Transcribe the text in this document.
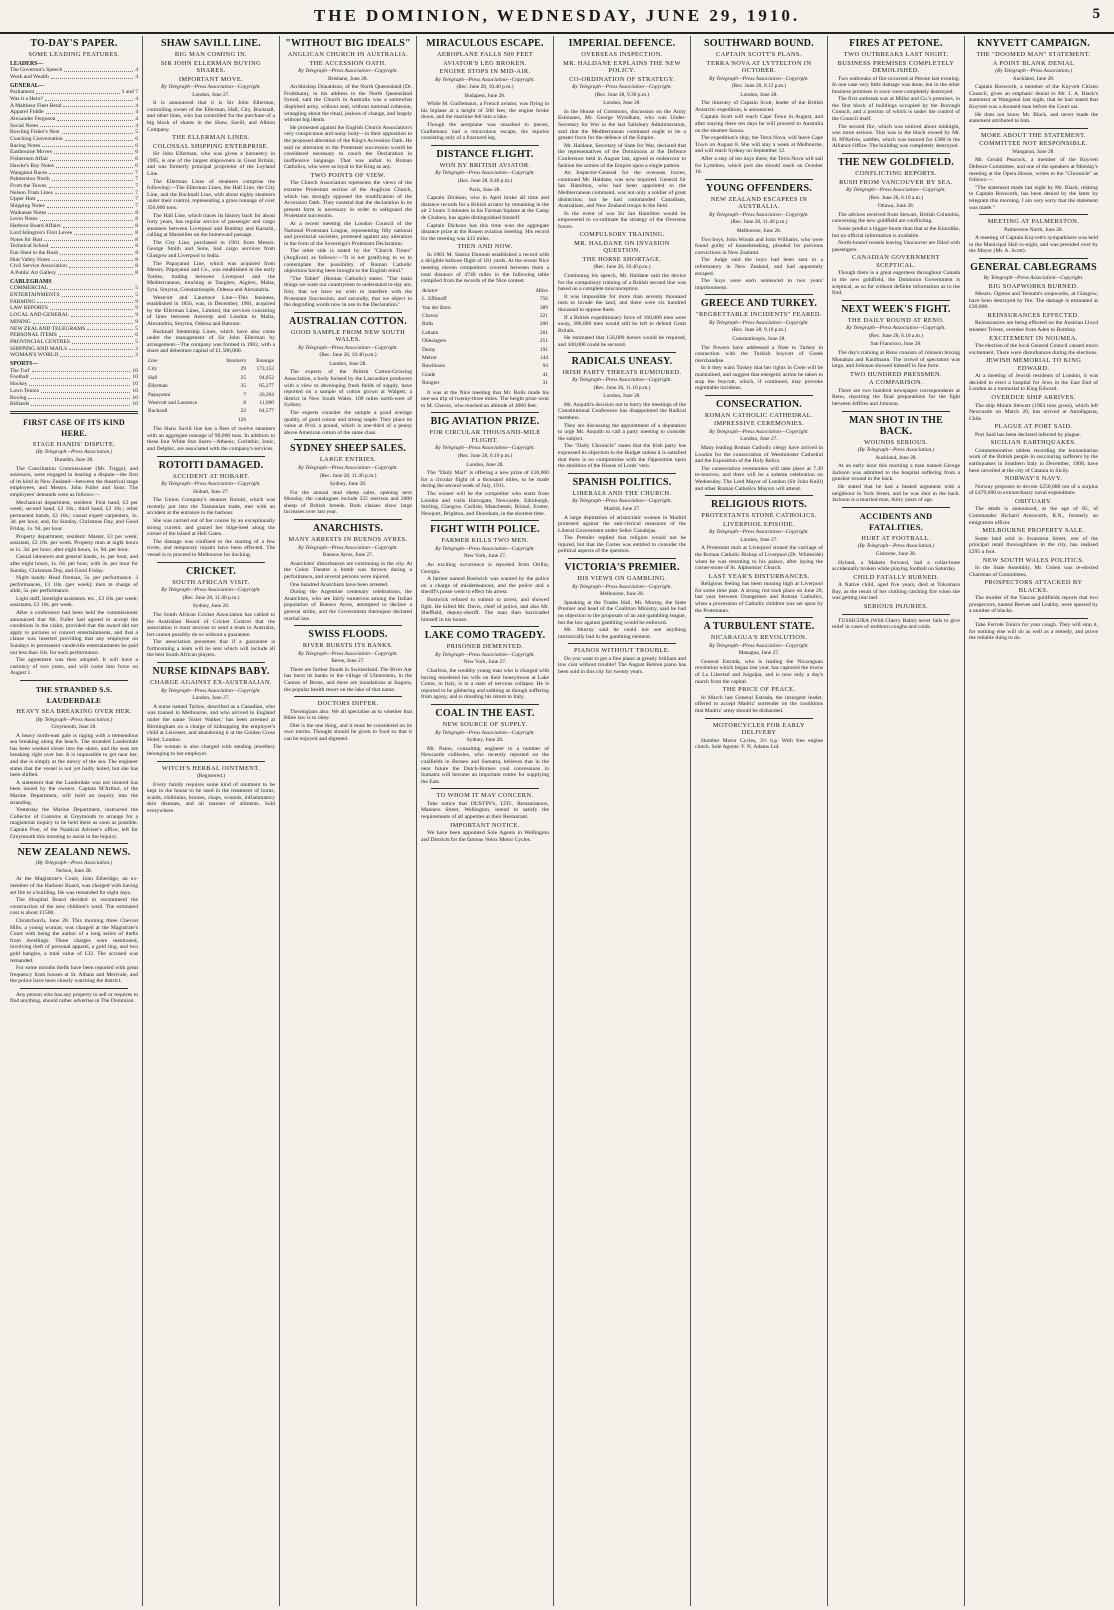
THE DOMINION, WEDNESDAY, JUNE 29, 1910.	5
TO-DAY'S PAPER.
SOME LEADING FEATURES.
LEADERS—
The Governor's Speech	4
Work and Wealth	4
GENERAL—
Parliament	3 and 7
Was it a Hero?	4
A Maltheur Fleet Bend	4
Apparel Fiddle	4
Alexander Ferguson	4
Social Notes	4
Bowling Fisher's Nest	5
Coaching Conversation	6
Racing Notes	6
Eastbourne Moves	6
Fishermen Affair	6
Hawke's Bay Notes	6
Wanganui Races	7
Palmerston North	7
From the Towns	7
Nelson Tram Lines	7
Upper Hutt	7
Shipping Notes	7
Waikanae Notes	8
Levin Notes	8
Harbour Board Affairs	8
Lord Islington's First Levee	8
Notes for Hutt	8
Technical School	8
Fun Shed in the Bush	8
Hutt Valley Notes	8
Civil Service Association	8
A Public Art Gallery	8
CABLEGRAMS
COMMERCIAL	5
ENTERTAINMENTS	5
FARMING	9
LAW REPORTS	9
LOCAL AND GENERAL	9
MINING	9
NEW ZEALAND TELEGRAMS	5
PERSONAL ITEMS	6
PROVINCIAL CENTRES	5
SHIPPING AND MAILS	2
WOMAN'S WORLD	2
SPORTS—
The Turf	10
Football	10
Hockey	10
Lawn Tennis	10
Boxing	10
Billiards	10
FIRST CASE OF ITS KIND HERE.
STAGE HANDS' DISPUTE.
(By Telegraph—Press Association.)
Dunedin, June 28.
The Conciliation Commissioner (Mr. Triggs), and assessors, were engaged in hearing a dispute—the first of its kind in New Zealand—between the theatrical stage employees, and Messrs. John Fuller and Sons. The employees' demands were as follows:—
Mechanical department, resident: First hand, £3 per week; second hand, £2 10s.; third hand, £2 10s.; other permanent hands, £2 10s.; casual expert carpenters, 1s. 3d. per hour, and, for Sunday, Christmas Day, and Good Friday, 1s. 9d. per hour.
Property department, resident: Master, £3 per week; assistant, £2 10s. per week. Property man at night hours at 1s. 3d. per hour; after eight hours, 1s. 9d. per hour.
Casual labourers and general hands, 1s. per hour, and after eight hours, 1s. 6d. per hour, with 3s. per hour for Sunday, Christmas Day, and Good Friday.
Night hands: Head fireman, 5s. per performance. 3 performances, £1 10s. (per week); men in charge of slide, 5s. per performance.
Light staff, limelight assistants, etc., £3 10s. per week; assistants, £2 10s. per week.
After a conference had been held the commissioner announced that Mr. Fuller had agreed to accept the conditions in the claim, provided that the award did not apply to pictures or concert entertainments, and that a clause was inserted providing that any employee on Sundays in permanent vaudeville entertainments be paid not less than 10s. for each performance.
The agreement was then adopted. It will have a currency of two years, and will come into force on August 1.
THE STRANDED S.S. LAUDERDALE
HEAVY SEA BREAKING OVER HER.
(By Telegraph—Press Association.)
Greymouth, June 28.
A heavy north-east gale is raging with a tremendous sea breaking along the beach. The stranded Lauderdale has been washed closer into the shore, and the seas are breaking right over her. It is impossible to get near her, and she is simply at the mercy of the sea. The engineer states that the vessel is not yet badly holed, but she has been shifted.
A statement that the Lauderdale was not insured has been issued by the owners. Captain M'Arthur, of the Marine Department, will hold an inquiry into the stranding.
Yesterday the Marine Department, instructed the Collector of Customs at Greymouth to arrange for a magisterial inquiry to be held there as soon as possible. Captain Post, of the Nautical Adviser's office, left for Greymouth this morning to assist in the inquiry.
NEW ZEALAND NEWS.
(By Telegraph—Press Association.)
Nelson, June 28.
At the Magistrate's Court, John Etheridge, an ex-member of the Harbour Board, was charged with having set fire to a building. He was remanded for eight days.
The Hospital Board decided to recommend the construction of the new children's ward. The estimated cost is about £1500.
Christchurch, June 28. This morning three Cheviot Hills, a young woman, was charged at the Magistrate's Court with being the author of a long series of thefts from dwellings. Three charges were mentioned, involving theft of personal apparel, a gold ring, and two gold bangles, a total value of £32. The accused was remanded.
For some months thefts have been reported with great frequency from houses at St. Albans and Merivale, and the police have been closely watching the district.
Any person who has any property to sell or requires to find anything, should rather advertise in The Dominion.
SHAW SAVILL LINE.
BIG MAN COMING IN.
SIR JOHN ELLERMAN BUYING SHARES.
IMPORTANT MOVE.
By Telegraph—Press Association—Copyright.
London, June 27.
It is announced that it is Sir John Ellerman, controlling owner of the Ellerman, Hall, City, Bucknall, and other lines, who has controlled for the purchase of a big block of shares in the Shaw, Savill, and Albion Company.
THE ELLERMAN LINES.
COLOSSAL SHIPPING ENTERPRISE.
Sir John Ellerman, who was given a baronetcy in 1905, is one of the largest shipowners in Great Britain, and was formerly principal proprietor of the Leyland Line.
The Ellerman Lines of steamers comprise the following:—The Ellerman Lines, the Hall Line, the City Line, and the Bucknall Line, with about eighty steamers under their control, representing a gross tonnage of over 350,000 tons.
The Hall Line, which traces its history back for about forty years, has regular service of passenger and cargo steamers between Liverpool and Bombay and Karachi, calling at Marseilles on the homeward passage.
The City Line, purchased in 1901 from Messrs. George Smith and Sons, had cargo services from Glasgow and Liverpool to India.
The Papayanni Line, which was acquired from Messrs. Papayanni and Co., was established in the early 'forties, trading between Liverpool and the Mediterranean, touching at Tangiers, Algiers, Malta, Syra, Smyrna, Constantinople, Odessa and Alexandria.
Westcott and Laurence Line—This business, established in 1856, was, in December, 1901, acquired by the Ellerman Lines, Limited, the services consisting of lines between Antwerp and London to Malta, Alexandria, Smyrna, Odessa and Batoum.
Bucknall Steamship Lines, which have also come under the management of Sir John Ellerman by arrangement—The company was formed in 1902, with a share and debenture capital of £1,586,000.
Line	Steamers	Tonnage
City	29	173,153
Hall	25	94,852
Ellerman	35	85,277
Papayanni	7	20,204
Westcott and Laurence	8	11,000
Bucknall	22	64,577
	126	
The Shaw Savill line has a fleet of twelve steamers with an aggregate tonnage of 90,000 tons. In addition to these four White Star liners—Athenic, Corinthic, Ionic, and Delphic, are associated with the company's services.
ROTOITI DAMAGED.
ACCIDENT AT HOBART.
By Telegraph—Press Association—Copyright.
Hobart, June 27.
The Union Company's steamer Rotoiti, which was recently put into the Tasmanian trade, met with an accident at the entrance to the harbour.
She was carried out of her course by an exceptionally strong current, and grazed her bilge-keel along the corner of the island at Hell Gates.
The damage was confined to the starting of a few rivets, and temporary repairs have been effected. The vessel is to proceed to Melbourne for docking.
CRICKET.
SOUTH AFRICAN VISIT.
By Telegraph—Press Association—Copyright.
(Rec. June 28, 11.40 p.m.)
Sydney, June 28.
The South African Cricket Association has cabled to the Australian Board of Cricket Control that the association is most anxious to send a team to Australia, but cannot possibly do so without a guarantee.
The association presumes that if a guarantee is forthcoming a team will be sent which will include all the best South African players.
NURSE KIDNAPS BABY.
CHARGE AGAINST EX-AUSTRALIAN.
By Telegraph—Press Association—Copyright.
London, June 27.
A nurse named Tarlow, described as a Canadian, who was trained in Melbourne, and who arrived in England under the name 'Sister Walker,' has been arrested at Birmingham on a charge of kidnapping the employer's child at Leicester, and abandoning it at the Golden Cross Hotel, London.
The woman is also charged with stealing jewellery belonging to her employer.
WITCH'S HERBAL OINTMENT.
(Registered.)
Every family requires some kind of ointment to be kept in the house to be used in the treatment of burns, scalds, chilblains, bruises, chaps, wounds, inflammatory skin diseases, and all manner of ailments. Sold everywhere.
"WITHOUT BIG IDEALS"
ANGLICAN CHURCH IN AUSTRALIA.
THE ACCESSION OATH.
By Telegraph—Press Association—Copyright.
Brisbane, June 28.
Archbishop Donaldson, of the North Queensland (Dr. Frodsham), in his address to the North Queensland Synod, said the Church in Australia was a somewhat dispirited army, without zeal, without nominal cohesion, wrangling about the ritual, jealous of change, and largely without big ideals.
He protested against the English Church Association's very conspicuous and noisy body—in their opposition to the proposed alteration of the King's Accession Oath. He said no alteration to the Protestant succession would be considered necessary to couch the Declaration in inoffensive language. That was unfair to Roman Catholics, who were as loyal to the King as any.
TWO POINTS OF VIEW.
The Church Association represents the views of the extreme Protestant section of the Anglican Church, which has strongly opposed the modification of the Accession Oath. They contend that the declaration in its present form is necessary in order to safeguard the Protestant succession.
At a recent meeting the London Council of the National Protestant League, representing fifty national and provincial societies, protested against any alteration in the form of the Sovereign's Protestant Declaration.
The other side is stated by the "Church Times" (Anglican) as follows:—"It is not gratifying to us to contemplate the possibility of Roman Catholic objections having been brought to the English mind."
"The Tablet" (Roman Catholic) states: "The main things we want our countrymen to understand to-day are, first, that we have no wish to interfere with the Protestant Succession; and secondly, that we object to the degrading words now in use in the Declaration."
AUSTRALIAN COTTON.
GOOD SAMPLE FROM NEW SOUTH WALES.
By Telegraph—Press Association—Copyright.
(Rec. June 28, 10.40 p.m.)
London, June 28.
The experts of the British Cotton-Growing Association, a body formed by the Lancashire producers with a view to developing fresh fields of supply, have reported on a sample of cotton grown at Walgett, a district in New South Wales, 100 miles north-west of Sydney.
The experts consider the sample a good average quality, of good colour and strong staple. They place its value at 8½d. a pound, which is one-third of a penny above American cotton of the same class.
SYDNEY SHEEP SALES.
LARGE ENTRIES.
By Telegraph—Press Association—Copyright.
(Rec. June 28, 11.40 p.m.)
Sydney, June 28.
For the annual stud sheep sales, opening next Monday, the catalogues include 225 merinos and 2000 sheep of British breeds. Both classes show large increases over last year.
ANARCHISTS.
MANY ARRESTS IN BUENOS AYRES.
By Telegraph—Press Association—Copyright.
Buenos Ayres, June 27.
Anarchists' disturbances are continuing in the city. At the Colon Theatre a bomb was thrown during a performance, and several persons were injured.
One hundred Anarchists have been arrested.
During the Argentine centenary celebrations, the Anarchists, who are fairly numerous among the Italian population of Buenos Ayres, attempted to declare a general strike, and the Government thereupon declared martial law.
SWISS FLOODS.
RIVER BURSTS ITS BANKS.
By Telegraph—Press Association—Copyright.
Berne, June 27.
There are further floods in Switzerland. The River Aar has burst its banks in the village of Ulmerstein, in the Canton of Berne, and there are inundations at Isagora, the popular health resort on the lake of that name.
DOCTORS DIFFER.
Theologians also. We all specialise as to whether that Bible law is to obey.
Diet is the one thing, and it must be considered on its own merits. Thought should be given to food so that it can be enjoyed and digested.
MIRACULOUS ESCAPE.
AEROPLANE FALLS 500 FEET
AVIATOR'S LEG BROKEN.
ENGINE STOPS IN MID-AIR.
By Telegraph—Press Association—Copyright.
(Rec. June 28, 10.40 p.m.)
Budapest, June 28.
While M. Guillemaux, a French aviator, was flying in his biplane at a height of 500 feet, the engine broke down, and the machine fell into a lake.
Though the aeroplane was smashed to pieces, Guillemaux had a miraculous escape, his injuries consisting only of a fractured leg.
DISTANCE FLIGHT.
WON BY BRITISH AVIATOR.
By Telegraph—Press Association—Copyright.
(Rec. June 28, 8.40 p.m.)
Paris, June 28.
Captain Dickson, who in April broke all time and distance records for a British aviator by remaining in the air 2 hours 3 minutes in his Farman biplane at the Camp de Chalons, has again distinguished himself.
Captain Dickson has this time won the aggregate distance prize at the Rouen aviation meeting. His record for the meeting was 433 miles.
THEN AND NOW.
In 1901 M. Santos Dumont established a record with a dirigible balloon flight of 181 yards. At the recent Nice meeting eleven competitors covered between them a total distance of 4740 miles in the following table compiled from the records of the Nice contest.
Aviator	Miles
L. Effimoff	756
Van der Born	389
Chavez	321
Rolls	200
Latham	261
Olieslagers	251
Duray	191
Metrot	144
Rawlinson	94
Grade	41
Rougier	31
It was at the Nice meeting that Mr. Rolls made his one-sea trip of twenty-three miles. The height prize went to M. Chavez, who reached an altitude of 4060 feet.
BIG AVIATION PRIZE.
FOR CIRCULAR THOUSAND-MILE FLIGHT.
By Telegraph—Press Association—Copyright.
(Rec. June 28, 6.10 p.m.)
London, June 28.
The "Daily Mail" is offering a new prize of £10,000 for a circular flight of a thousand miles, to be made during the second week of July, 1911.
The winner will be the competitor who starts from London and visits Harrogate, Newcastle, Edinburgh, Stirling, Glasgow, Carlisle, Manchester, Bristol, Exeter, Newport, Brighton, and Shoreham, in the shortest time.
FIGHT WITH POLICE.
FARMER KILLS TWO MEN.
By Telegraph—Press Association—Copyright.
New York, June 27.
An exciting occurrence is reported from Orillia, Georgia.
A farmer named Bostwick was wanted by the police on a charge of misdemeanour, and the police and a sheriff's posse went to effect his arrest.
Bostwick refused to submit to arrest, and showed fight. He killed Mr. Davis, chief of police, and also Mr. Sheffield, deputy-sheriff. The man then barricaded himself in his house.
LAKE COMO TRAGEDY.
PRISONER DEMENTED.
By Telegraph—Press Association—Copyright.
New York, June 27.
Charlton, the wealthy young man who is charged with having murdered his wife on their honeymoon at Lake Como, in Italy, is in a state of nervous collapse. He is reported to be gibbering and sobbing as though suffering from agony, and is dreading his return to Italy.
COAL IN THE EAST.
NEW SOURCE OF SUPPLY.
By Telegraph—Press Association—Copyright.
Sydney, June 28.
Mr. Paton, consulting engineer to a number of Newcastle collieries, who recently reported on the coalfields in Borneo and Sumatra, believes that in the near future the Dutch-Borneo coal concessions in Sumatra will become an important centre for supplying the East.
TO WHOM IT MAY CONCERN.
Take notice that DUSTIN'S, LTD., Restaurateurs, Manners Street, Wellington, intend to satisfy the requirements of all appetites at their Restaurant.
IMPORTANT NOTICE.
We have been appointed Sole Agents in Wellington and Districts for the famous Velox Motor Cycles.
IMPERIAL DEFENCE.
OVERSEAS INSPECTION.
MR. HALDANE EXPLAINS THE NEW POLICY.
CO-ORDINATION OF STRATEGY.
By Telegraph—Press Association—Copyright.
(Rec. June 28, 9.30 p.m.)
London, June 28.
In the House of Commons, discussion on the Army Estimates, Mr. George Wyndham, who was Under-Secretary for War in the last Salisbury Administration, said that the Mediterranean command ought to be a greater force for the defence of the Empire.
Mr. Haldane, Secretary of State for War, declared that the representatives of the Dominions at the Defence Conference held in August last, agreed to endeavour to fashion the armies of the Empire upon a single pattern.
An Inspector-General for the overseas forces, continued Mr. Haldane, was now required. General Sir Ian Hamilton, who had been appointed to the Mediterranean command, was not only a soldier of great distinction, but he had commanded Canadians, Australians, and New Zealand troops in the field.
In the event of war Sir Ian Hamilton would be empowered to co-ordinate the strategy of the Overseas forces.
COMPULSORY TRAINING.
MR. HALDANE ON INVASION QUESTION.
THE HORSE SHORTAGE.
(Rec. June 28, 10.40 p.m.)
Continuing his speech, Mr. Haldane said the device for the compulsory training of a British second line was based on a complete misconception.
It was impossible for more than seventy thousand men to invade the land, and there were six hundred thousand to oppose them.
If a British expeditionary force of 160,000 men were away, 300,000 men would still be left to defend Great Britain.
He estimated that 156,000 horses would be required, and 100,000 could be secured.
RADICALS UNEASY.
IRISH PARTY THREATS RUMOURED.
By Telegraph—Press Association—Copyright.
(Rec. June 28, 11.10 p.m.)
London, June 28.
Mr. Asquith's decision not to hurry the meetings of the Constitutional Conference has disappointed the Radical members.
They are discussing the appointment of a deputation to urge Mr. Asquith to call a party meeting to consider the subject.
The "Daily Chronicle" states that the Irish party has expressed its objection to the Budget unless it is satisfied that there is no compromise with the Opposition upon the abolition of the House of Lords' veto.
SPANISH POLITICS.
LIBERALS AND THE CHURCH.
By Telegraph—Press Association—Copyright.
Madrid, June 27.
A large deputation of aristocratic women in Madrid protested against the anti-clerical measures of the Liberal Government under Señor Canalejas.
The Premier replied that religion would not be injured, but that the Cortes was entitled to consider the political aspects of the question.
VICTORIA'S PREMIER.
HIS VIEWS ON GAMBLING.
By Telegraph—Press Association—Copyright.
Melbourne, June 28.
Speaking at the Trades Hall, Mr. Murray, the State Premier and head of the Coalition Ministry, said he had no objection to the proposals of an anti-gambling league, but the law against gambling would be enforced.
Mr. Murray said he could not see anything intrinsically bad in the gambling element.
PIANOS WITHOUT TROUBLE.
Do you want to get a fine piano at greatly brilliant and low cost without trouble? The August Behren piano has been sold in this city for twenty years.
SOUTHWARD BOUND.
CAPTAIN SCOTT'S PLANS.
TERRA NOVA AT LYTTELTON IN OCTOBER.
By Telegraph—Press Association—Copyright.
(Rec. June 28, 8.12 p.m.)
London, June 28.
The itinerary of Captain Scott, leader of the British Antarctic expedition, is announced.
Captain Scott will reach Cape Town in August, and after staying there ten days he will proceed to Australia on the steamer Saxon.
The expedition's ship, the Terra Nova, will leave Cape Town on August 8. She will stay a week at Melbourne, and will reach Sydney on September 12.
After a stay of ten days there, the Terra Nova will sail for Lyttelton, which port she should reach on October 10.
YOUNG OFFENDERS.
NEW ZEALAND ESCAPEES IN AUSTRALIA.
By Telegraph—Press Association—Copyright.
(Rec. June 28, 11.40 p.m.)
Melbourne, June 28.
Two boys, John Woods and John Williams, who were found guilty of housebreaking, pleaded for previous convictions in New Zealand.
The Judge said the boys had been sent to a reformatory in New Zealand, and had apparently escaped.
The boys were each sentenced to two years' imprisonment.
GREECE AND TURKEY.
"REGRETTABLE INCIDENTS" FEARED.
By Telegraph—Press Association—Copyright.
(Rec. June 28, 9.10 p.m.)
Constantinople, June 28.
The Powers have addressed a Note to Turkey in connection with the Turkish boycott of Greek merchandise.
In it they warn Turkey that her rights in Crete will be maintained, and suggest that energetic action be taken to stop the boycott, which, if continued, may provoke regrettable incidents.
CONSECRATION.
ROMAN CATHOLIC CATHEDRAL.
IMPRESSIVE CEREMONIES.
By Telegraph—Press Association—Copyright.
London, June 27.
Many leading Roman Catholic clergy have arrived in London for the consecration of Westminster Cathedral and the Exposition of the Holy Relics.
The consecration ceremonies will take place at 7.30 to-morrow, and there will be a solemn celebration on Wednesday. The Lord Mayor of London (Sir John Knill) and other Roman Catholics Mayors will attend.
RELIGIOUS RIOTS.
PROTESTANTS STONE CATHOLICS.
LIVERPOOL EPISODE.
By Telegraph—Press Association—Copyright.
London, June 27.
A Protestant mob at Liverpool stoned the carriage of the Roman Catholic Bishop of Liverpool (Dr. Whiteside) when he was returning to his palace, after laying the corner-stone of St. Alphonsus' Church.
LAST YEAR'S DISTURBANCES.
Religious feeling has been running high at Liverpool for some time past. A strong riot took place on June 20, last year between Orangemen and Roman Catholics, when a procession of Catholic children was set upon by the Protestants.
A TURBULENT STATE.
NICARAGUA'S REVOLUTION.
By Telegraph—Press Association—Copyright.
Managua, June 27.
General Estrada, who is leading the Nicaraguan revolution which began last year, has captured the towns of La Libertad and Juigalpa, and is now only a day's march from the capital.
THE PRICE OF PEACE.
In March last General Estrada, the insurgent leader, offered to accept Madriz' surrender on the conditions that Madriz' army should be disbanded.
MOTORCYCLES FOR EARLY DELIVERY
Humber Motor Cycles, 3½ h.p. With free engine clutch. Sole Agents: F. N. Adams Ltd.
FIRES AT PETONE.
TWO OUTBREAKS LAST NIGHT.
BUSINESS PREMISES COMPLETELY DEMOLISHED.
Two outbreaks of fire occurred at Petone last evening. In one case very little damage was done, but in the other business premises in town were completely destroyed.
The first outbreak was at Millar and Co.'s premises, in the first block of buildings occupied by the Borough Council, and a portion of which is under the control of the Council itself.
The second fire, which was noticed about midnight, was more serious. This was in the block owned by Mr. H. M'Kelvie, saddler, which was insured for £380 in the Alliance Office. The building was completely destroyed.
THE NEW GOLDFIELD.
CONFLICTING REPORTS.
RUSH FROM VANCOUVER BY SEA.
By Telegraph—Press Association—Copyright.
(Rec. June 28, 6.10 a.m.)
Ottawa, June 28.
The advices received from Stewart, British Columbia, concerning the new goldfield are conflicting.
Some predict a bigger boom than that at the Klondike, but no official information is available.
North-bound vessels leaving Vancouver are filled with passengers.
CANADIAN GOVERNMENT SCEPTICAL.
Though there is a great eagerness throughout Canada in the new goldfield, the Dominion Government is sceptical, as so far without definite information as to the find.
NEXT WEEK'S FIGHT.
THE DAILY ROUND AT RENO.
By Telegraph—Press Association—Copyright.
(Rec. June 28, 6.10 a.m.)
San Francisco, June 28.
The day's training at Reno consists of Johnson boxing Monahan and Kaufmann. The crowd of spectators was large, and Johnson showed himself in fine form.
TWO HUNDRED PRESSMEN.
A COMPARISON.
There are two hundred newspaper correspondents at Reno, reporting the final preparations for the fight between Jeffries and Johnson.
MAN SHOT IN THE BACK.
WOUNDS SERIOUS.
(By Telegraph—Press Association.)
Auckland, June 28.
At an early hour this morning a man named George Jackson was admitted to the hospital suffering from a gunshot wound in the back.
He stated that he had a heated argument with a neighbour in York Street, and he was shot in the back. Jackson is a married man, thirty years of age.
ACCIDENTS AND FATALITIES.
HURT AT FOOTBALL.
(By Telegraph—Press Association.)
Gisborne, June 28.
Hyland, a Maketu forward, had a collar-bone accidentally broken while playing football on Saturday.
CHILD FATALLY BURNED.
A Native child, aged five years, died at Tokomaru Bay, as the result of her clothing catching fire when she was getting into bed.
SERIOUS INJURIES.
TUSSICURA (Wild Cherry Balm) never fails to give relief in cases of stubborn coughs and colds.
KNYVETT CAMPAIGN.
THE "DOOMED MAN" STATEMENT.
A POINT BLANK DENIAL
(By Telegraph—Press Association.)
Auckland, June 28.
Captain Bosworth, a member of the Knyvett Citizen Council, gives an emphatic denial to Mr. J. A. Black's statement at Wanganui last night, that he had stated that Knyvett was a doomed man before the Court sat.
He does not know Mr. Black, and never made the statement attributed to him.
MORE ABOUT THE STATEMENT.
COMMITTEE NOT RESPONSIBLE.
Wanganui, June 28.
Mr. Gerald Peacock, a member of the Knyvett Defence Committee, and one of the speakers at Monday's meeting at the Opera House, writes to the "Chronicle" as follows:—
"The statement made last night by Mr. Black, relating to Captain Bosworth, has been denied by the latter by telegram this morning. I am very sorry that the statement was made."
MEETING AT PALMERSTON.
Palmerston North, June 28.
A meeting of Captain Knyvett's sympathisers was held in the Municipal Hall to-night, and was presided over by the Mayor (Mr. A. Scott).
GENERAL CABLEGRAMS
By Telegraph—Press Association—Copyright.
BIG SOAPWORKS BURNED.
Messrs. Ogston and Tennant's soapworks, at Glasgow, have been destroyed by fire. The damage is estimated at £30,000.
REINSURANCES EFFECTED.
Reinsurances are being effected on the Austrian Lloyd steamer Trieste, overdue from Aden to Bombay.
EXCITEMENT IN NOUMEA.
The election of the local General Council caused much excitement. There were disturbances during the elections.
JEWISH MEMORIAL TO KING EDWARD.
At a meeting of Jewish residents of London, it was decided to erect a hospital for Jews in the East End of London as a memorial to King Edward.
OVERDUE SHIP ARRIVES.
The ship Mount Stewart (1903 tons gross), which left Newcastle on March 20, has arrived at Antofagasta, Chile.
PLAGUE AT PORT SAID.
Port Said has been declared infected by plague.
SICILIAN EARTHQUAKES.
Commemorative tablets recording the humanitarian work of the British people in succouring sufferers by the earthquakes in Southern Italy in December, 1908, have been unveiled at the city of Catania in Sicily.
NORWAY'S NAVY.
Norway proposes to devote £250,000 out of a surplus of £470,000 to extraordinary naval expenditure.
OBITUARY.
The death is announced, at the age of 85, of Commander Richard Ainsworth, R.N., formerly an emigration officer.
MELBOURNE PROPERTY SALE.
Some land sold in Swanston Street, one of the principal retail thoroughfares in the city, has realised £295 a foot.
NEW SOUTH WALES POLITICS.
In the State Assembly, Mr. Cohen was re-elected Chairman of Committees.
PROSPECTORS ATTACKED BY BLACKS.
The murder of the Yancan goldfields reports that two prospectors, named Reeves and Leabby, were speared by a number of blacks.
Take Ferrole Tonics for your cough. They will stop it, for nothing else will do as well as a remedy, and prove the reliable thing to do.
